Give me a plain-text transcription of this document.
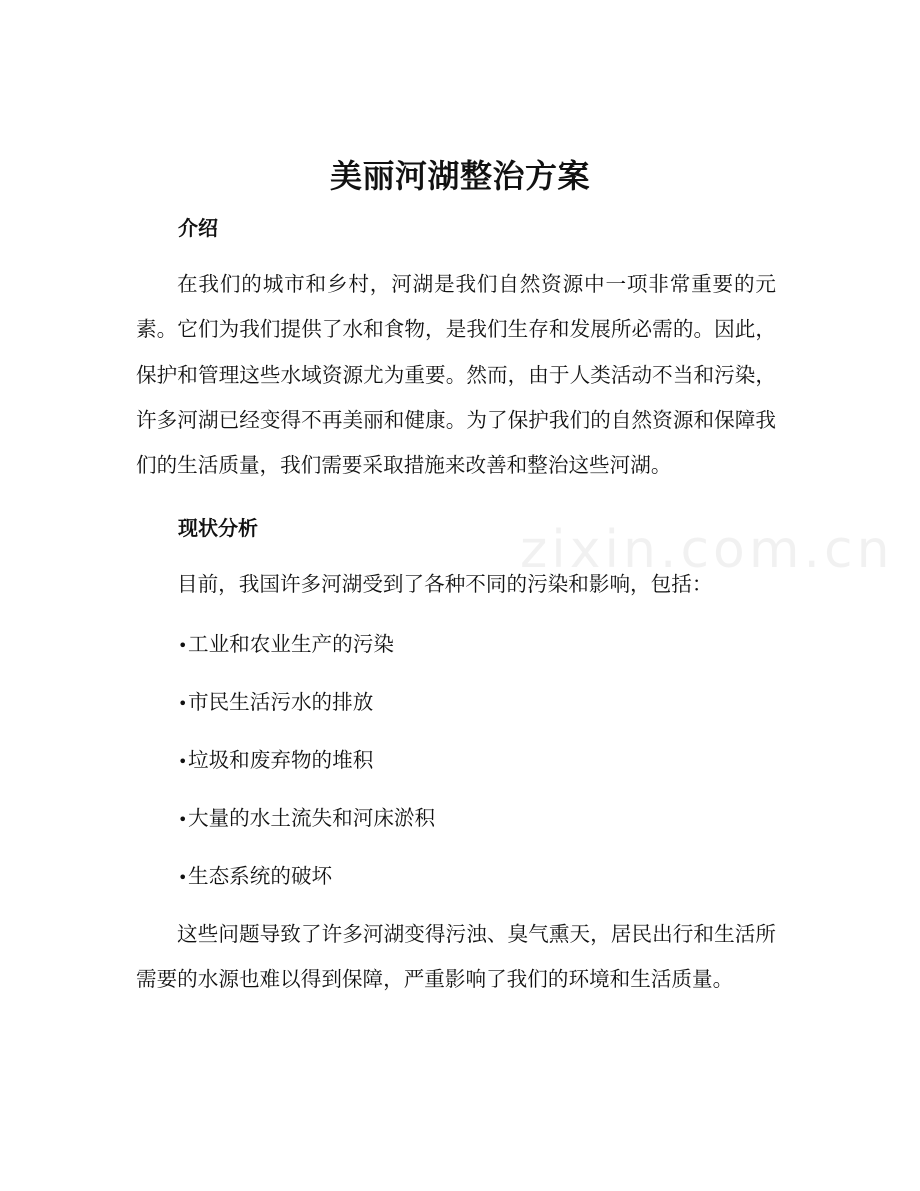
美丽河湖整治方案
介绍

在我们的城市和乡村，河湖是我们自然资源中一项非常重要的元素。它们为我们提供了水和食物，是我们生存和发展所必需的。因此，保护和管理这些水域资源尤为重要。然而，由于人类活动不当和污染，许多河湖已经变得不再美丽和健康。为了保护我们的自然资源和保障我们的生活质量，我们需要采取措施来改善和整治这些河湖。

现状分析

目前，我国许多河湖受到了各种不同的污染和影响，包括：

•工业和农业生产的污染
•市民生活污水的排放
•垃圾和废弃物的堆积
•大量的水土流失和河床淤积
•生态系统的破坏

这些问题导致了许多河湖变得污浊、臭气熏天，居民出行和生活所需要的水源也难以得到保障，严重影响了我们的环境和生活质量。

zixin.com.cn
